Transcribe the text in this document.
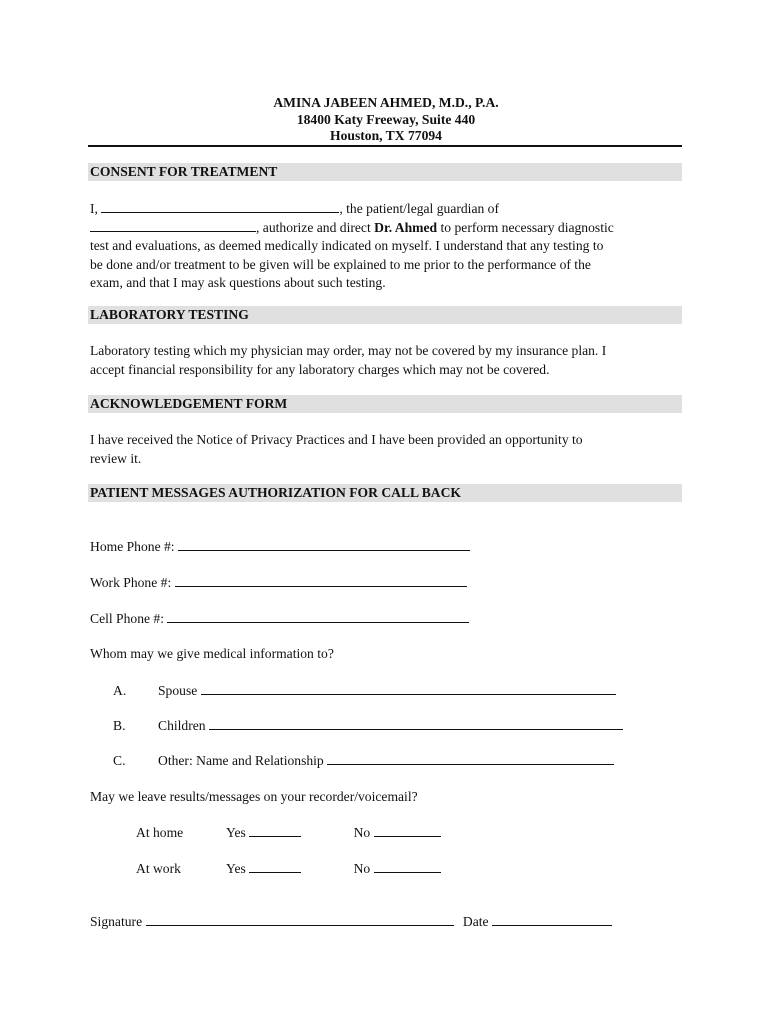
AMINA JABEEN AHMED, M.D., P.A.
18400 Katy Freeway, Suite 440
Houston, TX 77094
CONSENT FOR TREATMENT
I,	, the patient/legal guardian of
, authorize and direct Dr. Ahmed to perform necessary diagnostic
test and evaluations, as deemed medically indicated on myself. I understand that any testing to
be done and/or treatment to be given will be explained to me prior to the performance of the
exam, and that I may ask questions about such testing.
LABORATORY TESTING
Laboratory testing which my physician may order, may not be covered by my insurance plan. I
accept financial responsibility for any laboratory charges which may not be covered.
ACKNOWLEDGEMENT FORM
I have received the Notice of Privacy Practices and I have been provided an opportunity to
review it.
PATIENT MESSAGES AUTHORIZATION FOR CALL BACK
Home Phone #:
Work Phone #:
Cell Phone #:
Whom may we give medical information to?
A. Spouse
B. Children
C. Other: Name and Relationship
May we leave results/messages on your recorder/voicemail?
At home	Yes	No
At work	Yes	No
Signature	Date
